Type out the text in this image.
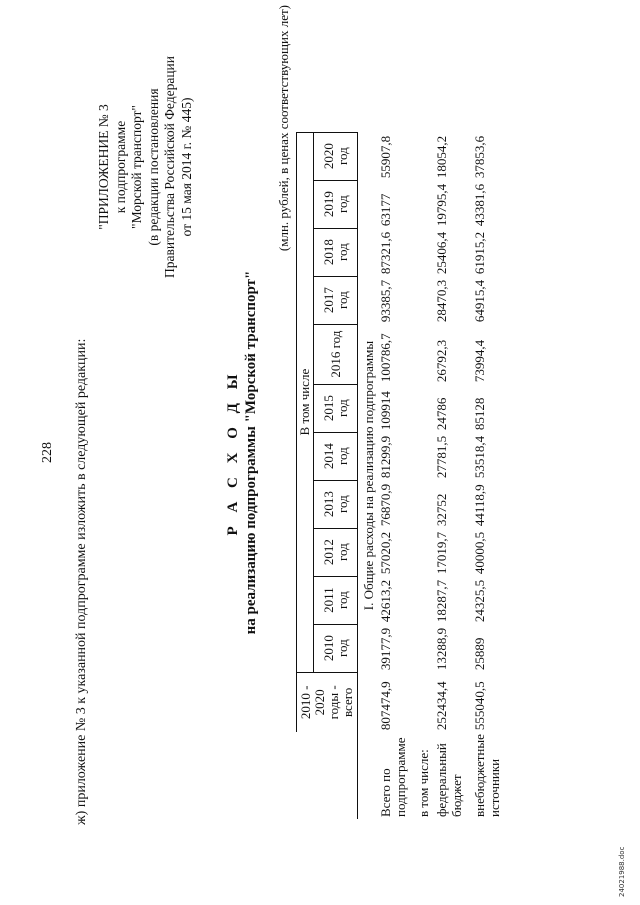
228 ж) приложение № 3 к указанной подпрограмме изложить в следующей редакции:
"ПРИЛОЖЕНИЕ № 3 к подпрограмме "Морской транспорт" (в редакции постановления Правительства Российской Федерации от 15 мая 2014 г. № 445)
Р А С Х О Д Ы на реализацию подпрограммы "Морской транспорт"
(млн. рублей, в ценах соответствующих лет)
	2010 - 2020 годы - всего	В том числе										
		2010 год	2011 год	2012 год	2013 год	2014 год	2015 год	2016 год	2017 год	2018 год	2019 год	2020 год
I. Общие расходы на реализацию подпрограммы												
Всего по подпрограмме	807474,9	39177,9	42613,2	57020,2	76870,9	81299,9	109914	100786,7	93385,7	87321,6	63177	55907,8
в том числе:												
федеральный бюджет	252434,4	13288,9	18287,7	17019,7	32752	27781,5	24786	26792,3	28470,3	25406,4	19795,4	18054,2
внебюджетные источники	555040,5	25889	24325,5	40000,5	44118,9	53518,4	85128	73994,4	64915,4	61915,2	43381,6	37853,6
24021988.doc
